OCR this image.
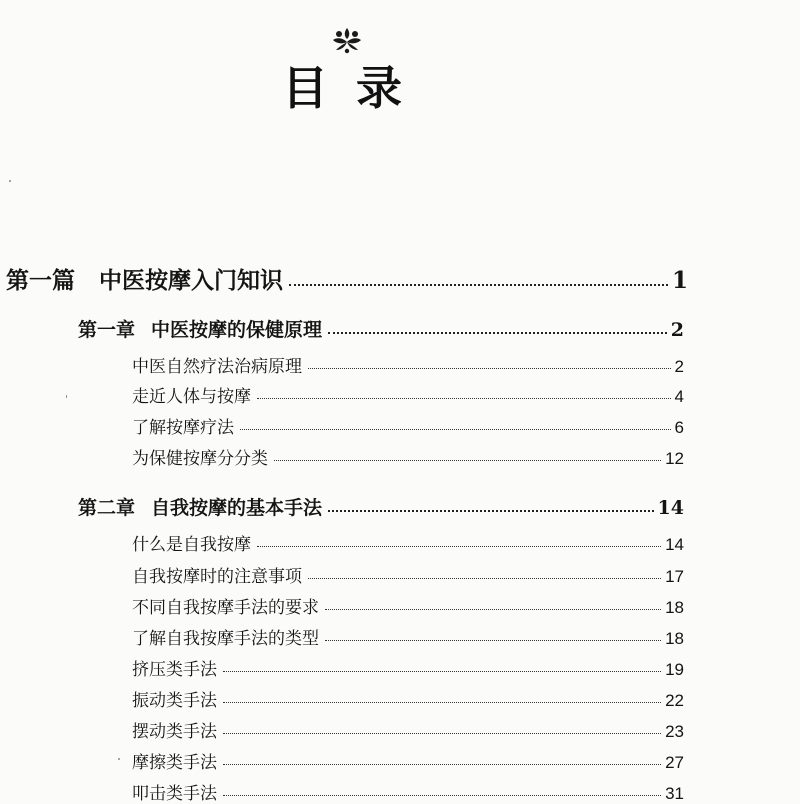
目录
第一篇 中医按摩入门知识	1
第一章 中医按摩的保健原理	2
中医自然疗法治病原理	2
走近人体与按摩	4
了解按摩疗法	6
为保健按摩分分类	12
第二章 自我按摩的基本手法	14
什么是自我按摩	14
自我按摩时的注意事项	17
不同自我按摩手法的要求	18
了解自我按摩手法的类型	18
挤压类手法	19
振动类手法	22
摆动类手法	23
摩擦类手法	27
叩击类手法	31
